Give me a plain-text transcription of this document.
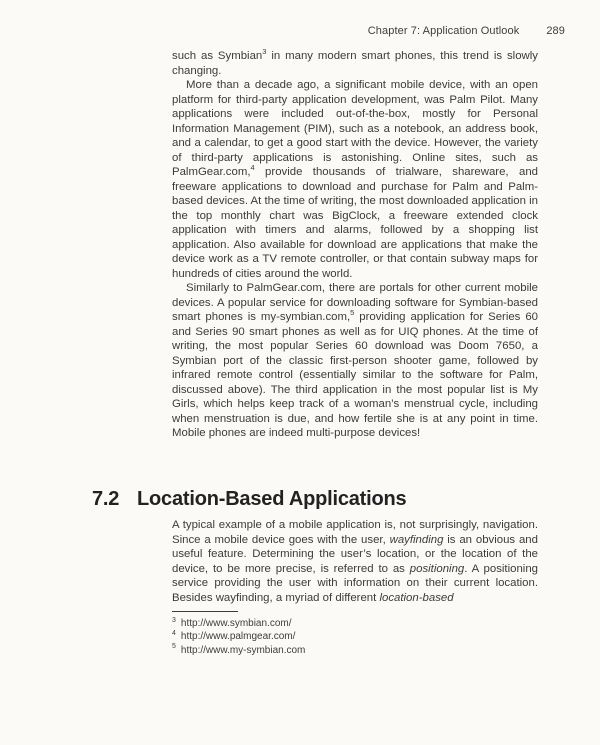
Chapter 7: Application Outlook 289

such as Symbian$^3$ in many modern smart phones, this trend is slowly changing.

More than a decade ago, a significant mobile device, with an open platform for third-party application development, was Palm Pilot. Many applications were included out-of-the-box, mostly for Personal Information Management (PIM), such as a notebook, an address book, and a calendar, to get a good start with the device. However, the variety of third-party applications is astonishing. Online sites, such as PalmGear.com,$^4$ provide thousands of trialware, shareware, and freeware applications to download and purchase for Palm and Palm-based devices. At the time of writing, the most downloaded application in the top monthly chart was BigClock, a freeware extended clock application with timers and alarms, followed by a shopping list application. Also available for download are applications that make the device work as a TV remote controller, or that contain subway maps for hundreds of cities around the world.

Similarly to PalmGear.com, there are portals for other current mobile devices. A popular service for downloading software for Symbian-based smart phones is my-symbian.com,$^5$ providing application for Series 60 and Series 90 smart phones as well as for UIQ phones. At the time of writing, the most popular Series 60 download was Doom 7650, a Symbian port of the classic first-person shooter game, followed by infrared remote control (essentially similar to the software for Palm, discussed above). The third application in the most popular list is My Girls, which helps keep track of a woman’s menstrual cycle, including when menstruation is due, and how fertile she is at any point in time. Mobile phones are indeed multi-purpose devices!

7.2 Location-Based Applications

A typical example of a mobile application is, not surprisingly, navigation. Since a mobile device goes with the user, wayfinding is an obvious and useful feature. Determining the user’s location, or the location of the device, to be more precise, is referred to as positioning. A positioning service providing the user with information on their current location. Besides wayfinding, a myriad of different location-based

$^3$ http://www.symbian.com/
$^4$ http://www.palmgear.com/
$^5$ http://www.my-symbian.com
